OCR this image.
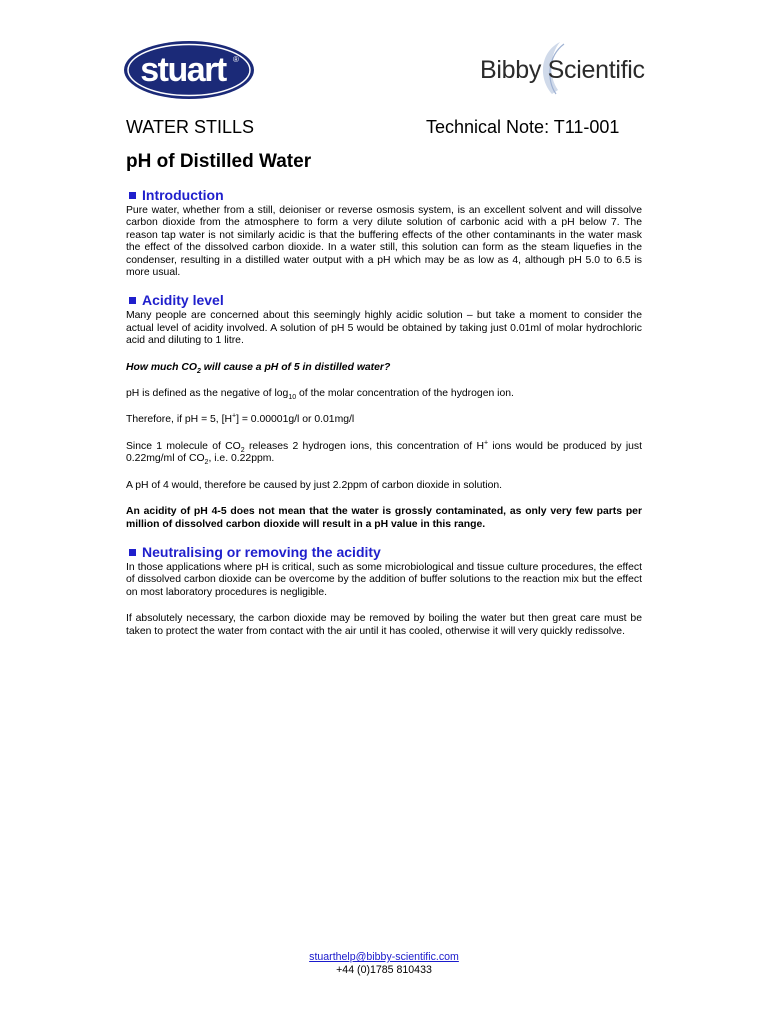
stuart ®	Bibby Scientific
WATER STILLS	Technical Note: T11-001
pH of Distilled Water
Introduction

Pure water, whether from a still, deioniser or reverse osmosis system, is an excellent solvent and will dissolve carbon dioxide from the atmosphere to form a very dilute solution of carbonic acid with a pH below 7. The reason tap water is not similarly acidic is that the buffering effects of the other contaminants in the water mask the effect of the dissolved carbon dioxide. In a water still, this solution can form as the steam liquefies in the condenser, resulting in a distilled water output with a pH which may be as low as 4, although pH 5.0 to 6.5 is more usual.

Acidity level

Many people are concerned about this seemingly highly acidic solution – but take a moment to consider the actual level of acidity involved. A solution of pH 5 would be obtained by taking just 0.01ml of molar hydrochloric acid and diluting to 1 litre.

How much $CO_2$ will cause a pH of 5 in distilled water?

pH is defined as the negative of $\log_{10}$ of the molar concentration of the hydrogen ion.

Therefore, if pH = 5, [H+] = 0.00001g/l or 0.01mg/l

Since 1 molecule of $CO_2$ releases 2 hydrogen ions, this concentration of H+ ions would be produced by just 0.22mg/ml of $CO_2$, i.e. 0.22ppm.

A pH of 4 would, therefore be caused by just 2.2ppm of carbon dioxide in solution.

An acidity of pH 4-5 does not mean that the water is grossly contaminated, as only very few parts per million of dissolved carbon dioxide will result in a pH value in this range.

Neutralising or removing the acidity

In those applications where pH is critical, such as some microbiological and tissue culture procedures, the effect of dissolved carbon dioxide can be overcome by the addition of buffer solutions to the reaction mix but the effect on most laboratory procedures is negligible.

If absolutely necessary, the carbon dioxide may be removed by boiling the water but then great care must be taken to protect the water from contact with the air until it has cooled, otherwise it will very quickly redissolve.

stuarthelp@bibby-scientific.com
+44 (0)1785 810433
